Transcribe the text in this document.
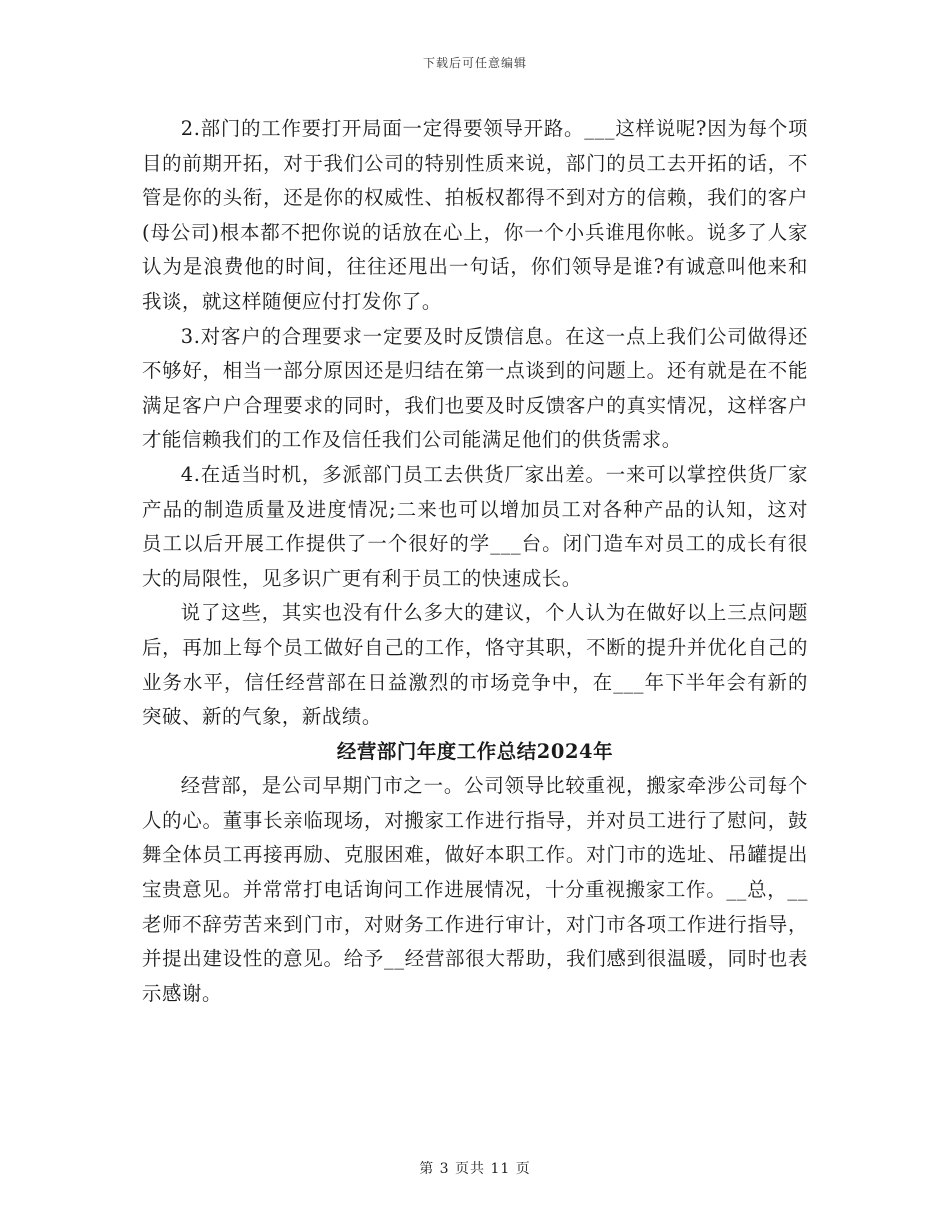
下载后可任意编辑

2.部门的工作要打开局面一定得要领导开路。___这样说呢?因为每个项目的前期开拓，对于我们公司的特别性质来说，部门的员工去开拓的话，不管是你的头衔，还是你的权威性、拍板权都得不到对方的信赖，我们的客户(母公司)根本都不把你说的话放在心上，你一个小兵谁甩你帐。说多了人家认为是浪费他的时间，往往还甩出一句话，你们领导是谁?有诚意叫他来和我谈，就这样随便应付打发你了。

3.对客户的合理要求一定要及时反馈信息。在这一点上我们公司做得还不够好，相当一部分原因还是归结在第一点谈到的问题上。还有就是在不能满足客户户合理要求的同时，我们也要及时反馈客户的真实情况，这样客户才能信赖我们的工作及信任我们公司能满足他们的供货需求。

4.在适当时机，多派部门员工去供货厂家出差。一来可以掌控供货厂家产品的制造质量及进度情况;二来也可以增加员工对各种产品的认知，这对员工以后开展工作提供了一个很好的学___台。闭门造车对员工的成长有很大的局限性，见多识广更有利于员工的快速成长。

说了这些，其实也没有什么多大的建议，个人认为在做好以上三点问题后，再加上每个员工做好自己的工作，恪守其职，不断的提升并优化自己的业务水平，信任经营部在日益激烈的市场竞争中，在___年下半年会有新的突破、新的气象，新战绩。

经营部门年度工作总结2024年

经营部，是公司早期门市之一。公司领导比较重视，搬家牵涉公司每个人的心。董事长亲临现场，对搬家工作进行指导，并对员工进行了慰问，鼓舞全体员工再接再励、克服困难，做好本职工作。对门市的选址、吊罐提出宝贵意见。并常常打电话询问工作进展情况，十分重视搬家工作。__总，__老师不辞劳苦来到门市，对财务工作进行审计，对门市各项工作进行指导，并提出建设性的意见。给予__经营部很大帮助，我们感到很温暖，同时也表示感谢。

第 3 页共 11 页
